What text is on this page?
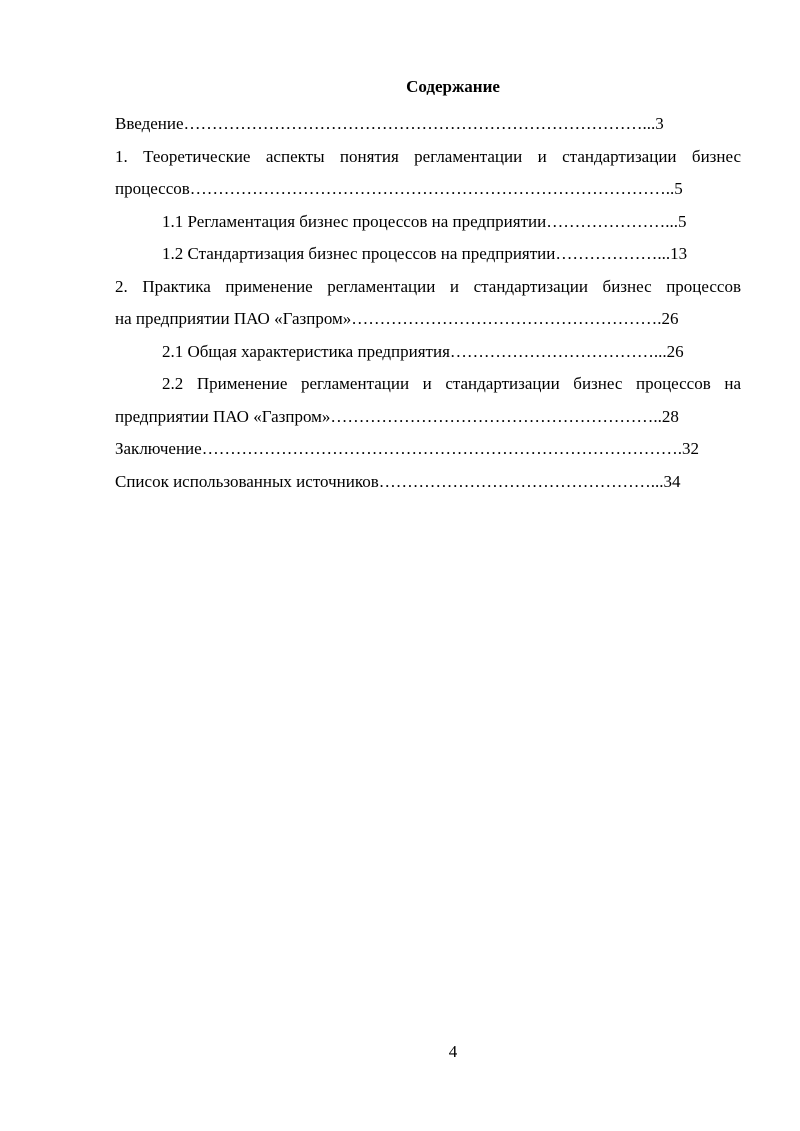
Содержание
Введение………………………………………………………………………...3
1. Теоретические аспекты понятия регламентации и стандартизации бизнес
процессов…………………………………………………………………………..5
1.1 Регламентация бизнес процессов на предприятии…………………...5
1.2 Стандартизация бизнес процессов на предприятии………………...13
2. Практика применение регламентации и стандартизации бизнес процессов
на предприятии ПАО «Газпром»……………………………………………….26
2.1 Общая характеристика предприятия………………………………...26
2.2 Применение регламентации и стандартизации бизнес процессов на
предприятии ПАО «Газпром»…………………………………………………..28
Заключение………………………………………………………………………….32
Список использованных источников…………………………………………...34
4
